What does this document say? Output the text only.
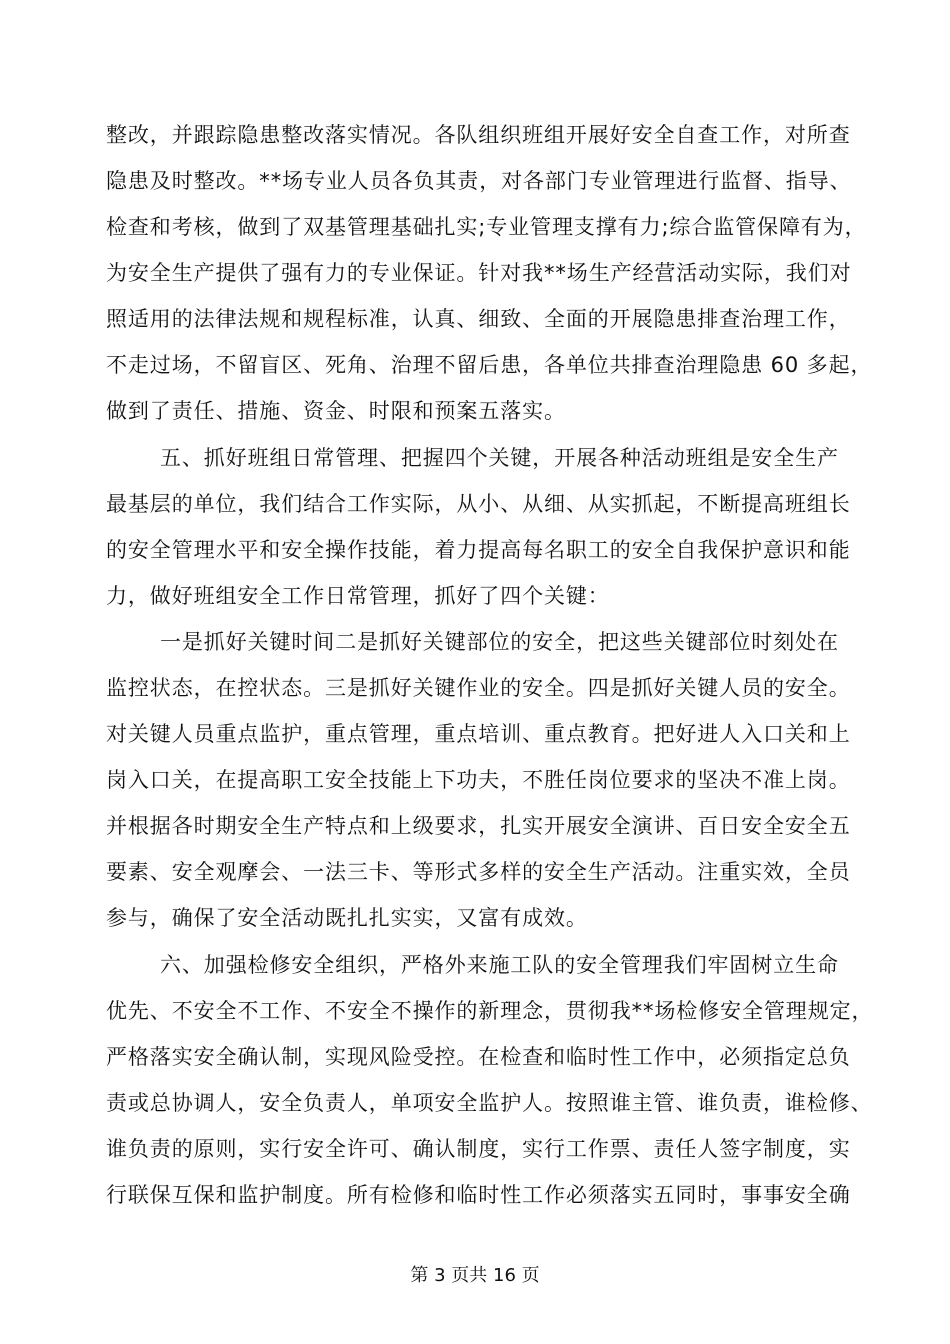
整改，并跟踪隐患整改落实情况。各队组织班组开展好安全自查工作，对所查
隐患及时整改。**场专业人员各负其责，对各部门专业管理进行监督、指导、
检查和考核，做到了双基管理基础扎实;专业管理支撑有力;综合监管保障有为，
为安全生产提供了强有力的专业保证。针对我**场生产经营活动实际，我们对
照适用的法律法规和规程标准，认真、细致、全面的开展隐患排查治理工作，
不走过场，不留盲区、死角、治理不留后患，各单位共排查治理隐患 60 多起，
做到了责任、措施、资金、时限和预案五落实。
五、抓好班组日常管理、把握四个关键，开展各种活动班组是安全生产
最基层的单位，我们结合工作实际，从小、从细、从实抓起，不断提高班组长
的安全管理水平和安全操作技能，着力提高每名职工的安全自我保护意识和能
力，做好班组安全工作日常管理，抓好了四个关键：
一是抓好关键时间二是抓好关键部位的安全，把这些关键部位时刻处在
监控状态，在控状态。三是抓好关键作业的安全。四是抓好关键人员的安全。
对关键人员重点监护，重点管理，重点培训、重点教育。把好进人入口关和上
岗入口关，在提高职工安全技能上下功夫，不胜任岗位要求的坚决不准上岗。
并根据各时期安全生产特点和上级要求，扎实开展安全演讲、百日安全安全五
要素、安全观摩会、一法三卡、等形式多样的安全生产活动。注重实效，全员
参与，确保了安全活动既扎扎实实，又富有成效。
六、加强检修安全组织，严格外来施工队的安全管理我们牢固树立生命
优先、不安全不工作、不安全不操作的新理念，贯彻我**场检修安全管理规定，
严格落实安全确认制，实现风险受控。在检查和临时性工作中，必须指定总负
责或总协调人，安全负责人，单项安全监护人。按照谁主管、谁负责，谁检修、
谁负责的原则，实行安全许可、确认制度，实行工作票、责任人签字制度，实
行联保互保和监护制度。所有检修和临时性工作必须落实五同时，事事安全确
第 3 页共 16 页
